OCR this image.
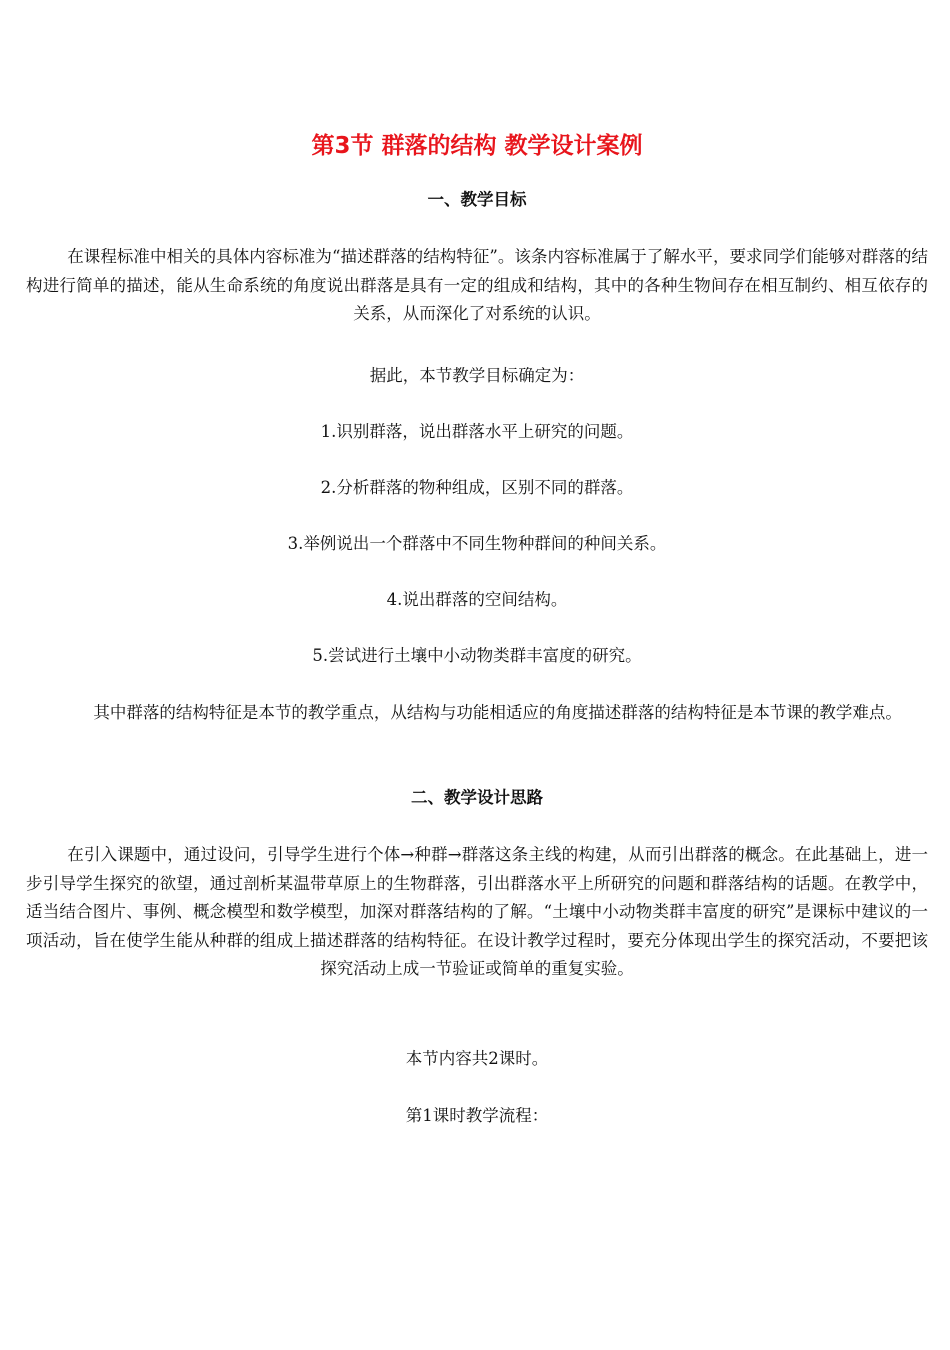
第3节 群落的结构 教学设计案例
一、教学目标

在课程标准中相关的具体内容标准为“描述群落的结构特征”。该条内容标准属于了解水平，要求同学们能够对群落的结构进行简单的描述，能从生命系统的角度说出群落是具有一定的组成和结构，其中的各种生物间存在相互制约、相互依存的关系，从而深化了对系统的认识。

据此，本节教学目标确定为：

1.识别群落，说出群落水平上研究的问题。

2.分析群落的物种组成，区别不同的群落。

3.举例说出一个群落中不同生物种群间的种间关系。

4.说出群落的空间结构。

5.尝试进行土壤中小动物类群丰富度的研究。

其中群落的结构特征是本节的教学重点，从结构与功能相适应的角度描述群落的结构特征是本节课的教学难点。

二、教学设计思路

在引入课题中，通过设问，引导学生进行个体→种群→群落这条主线的构建，从而引出群落的概念。在此基础上，进一步引导学生探究的欲望，通过剖析某温带草原上的生物群落，引出群落水平上所研究的问题和群落结构的话题。在教学中，适当结合图片、事例、概念模型和数学模型，加深对群落结构的了解。“土壤中小动物类群丰富度的研究”是课标中建议的一项活动，旨在使学生能从种群的组成上描述群落的结构特征。在设计教学过程时，要充分体现出学生的探究活动，不要把该探究活动上成一节验证或简单的重复实验。

本节内容共2课时。

第1课时教学流程：
